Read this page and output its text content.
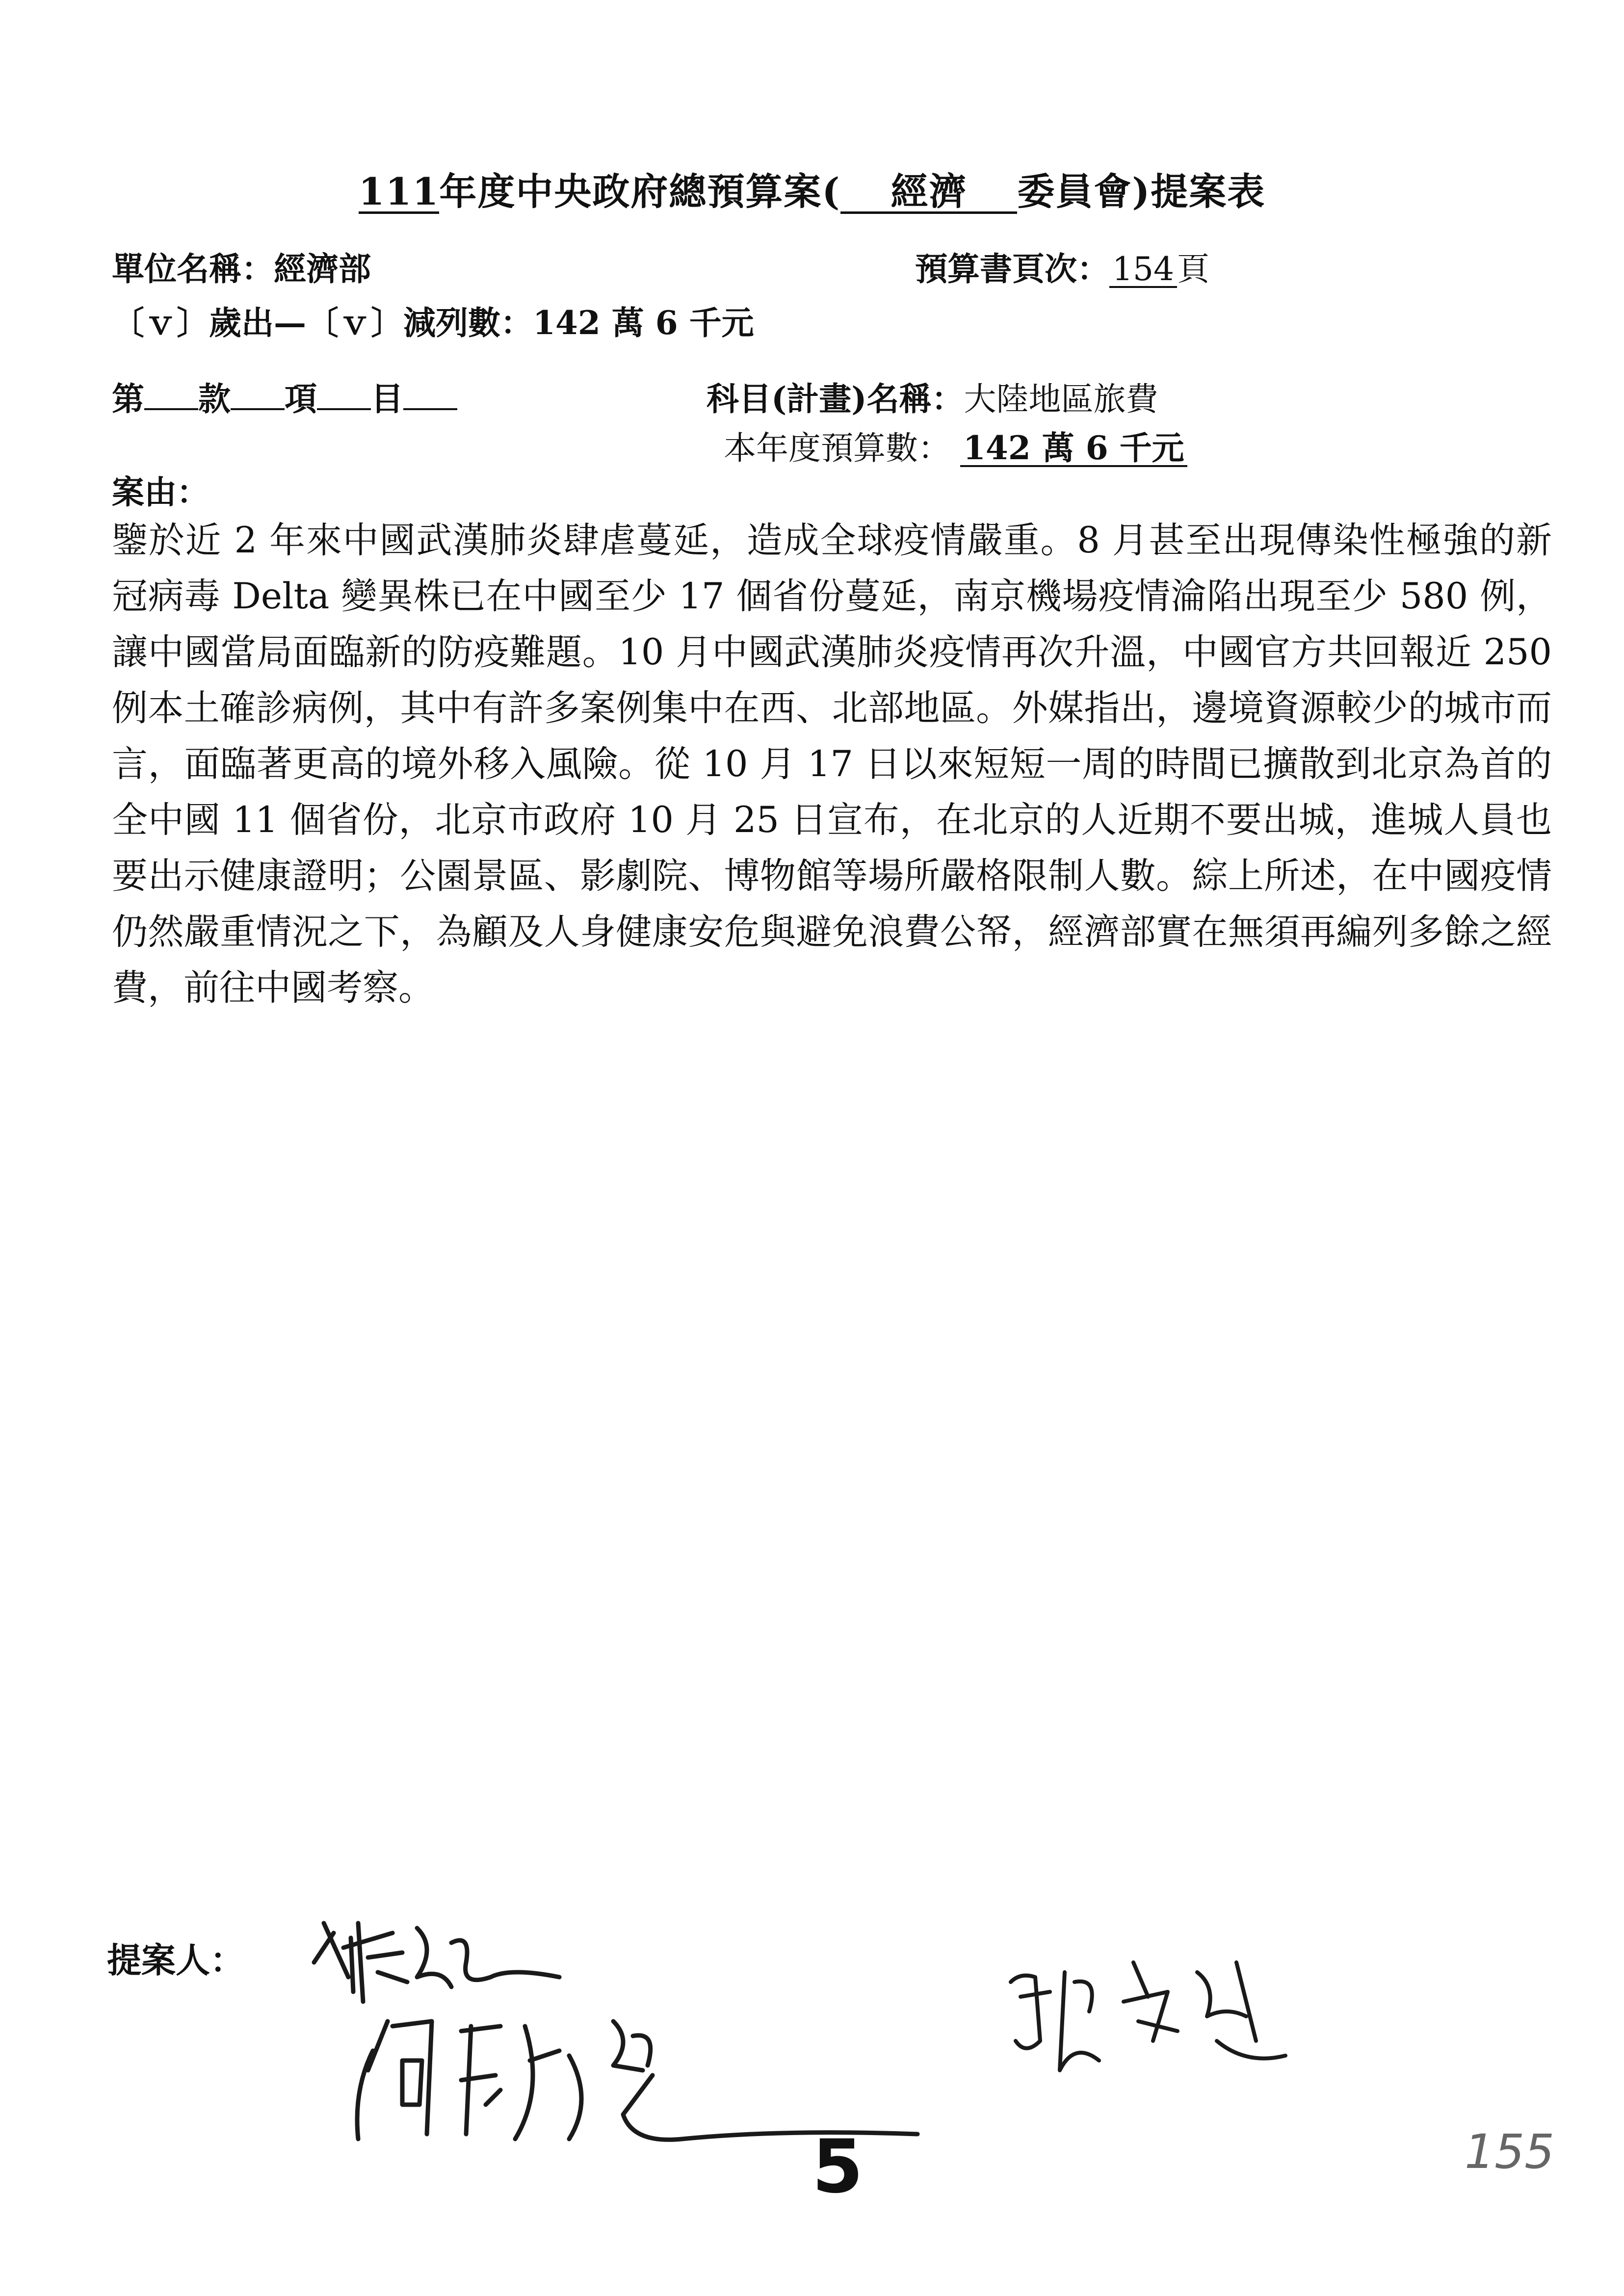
111年度中央政府總預算案( 經濟 委員會)提案表
單位名稱：經濟部	預算書頁次：154頁
〔ｖ〕歲出—〔ｖ〕減列數：142 萬 6 千元
第 款 項 目	科目(計畫)名稱：大陸地區旅費
本年度預算數： 142 萬 6 千元
案由：
鑒於近 2 年來中國武漢肺炎肆虐蔓延，造成全球疫情嚴重。8 月甚至出現傳染性極強的新冠病毒 Delta 變異株已在中國至少 17 個省份蔓延，南京機場疫情淪陷出現至少 580 例，讓中國當局面臨新的防疫難題。10 月中國武漢肺炎疫情再次升溫，中國官方共回報近 250 例本土確診病例，其中有許多案例集中在西、北部地區。外媒指出，邊境資源較少的城市而言，面臨著更高的境外移入風險。從 10 月 17 日以來短短一周的時間已擴散到北京為首的全中國 11 個省份，北京市政府 10 月 25 日宣布，在北京的人近期不要出城，進城人員也要出示健康證明；公園景區、影劇院、博物館等場所嚴格限制人數。綜上所述，在中國疫情仍然嚴重情況之下，為顧及人身健康安危與避免浪費公帑，經濟部實在無須再編列多餘之經費，前往中國考察。
提案人：
5	155
